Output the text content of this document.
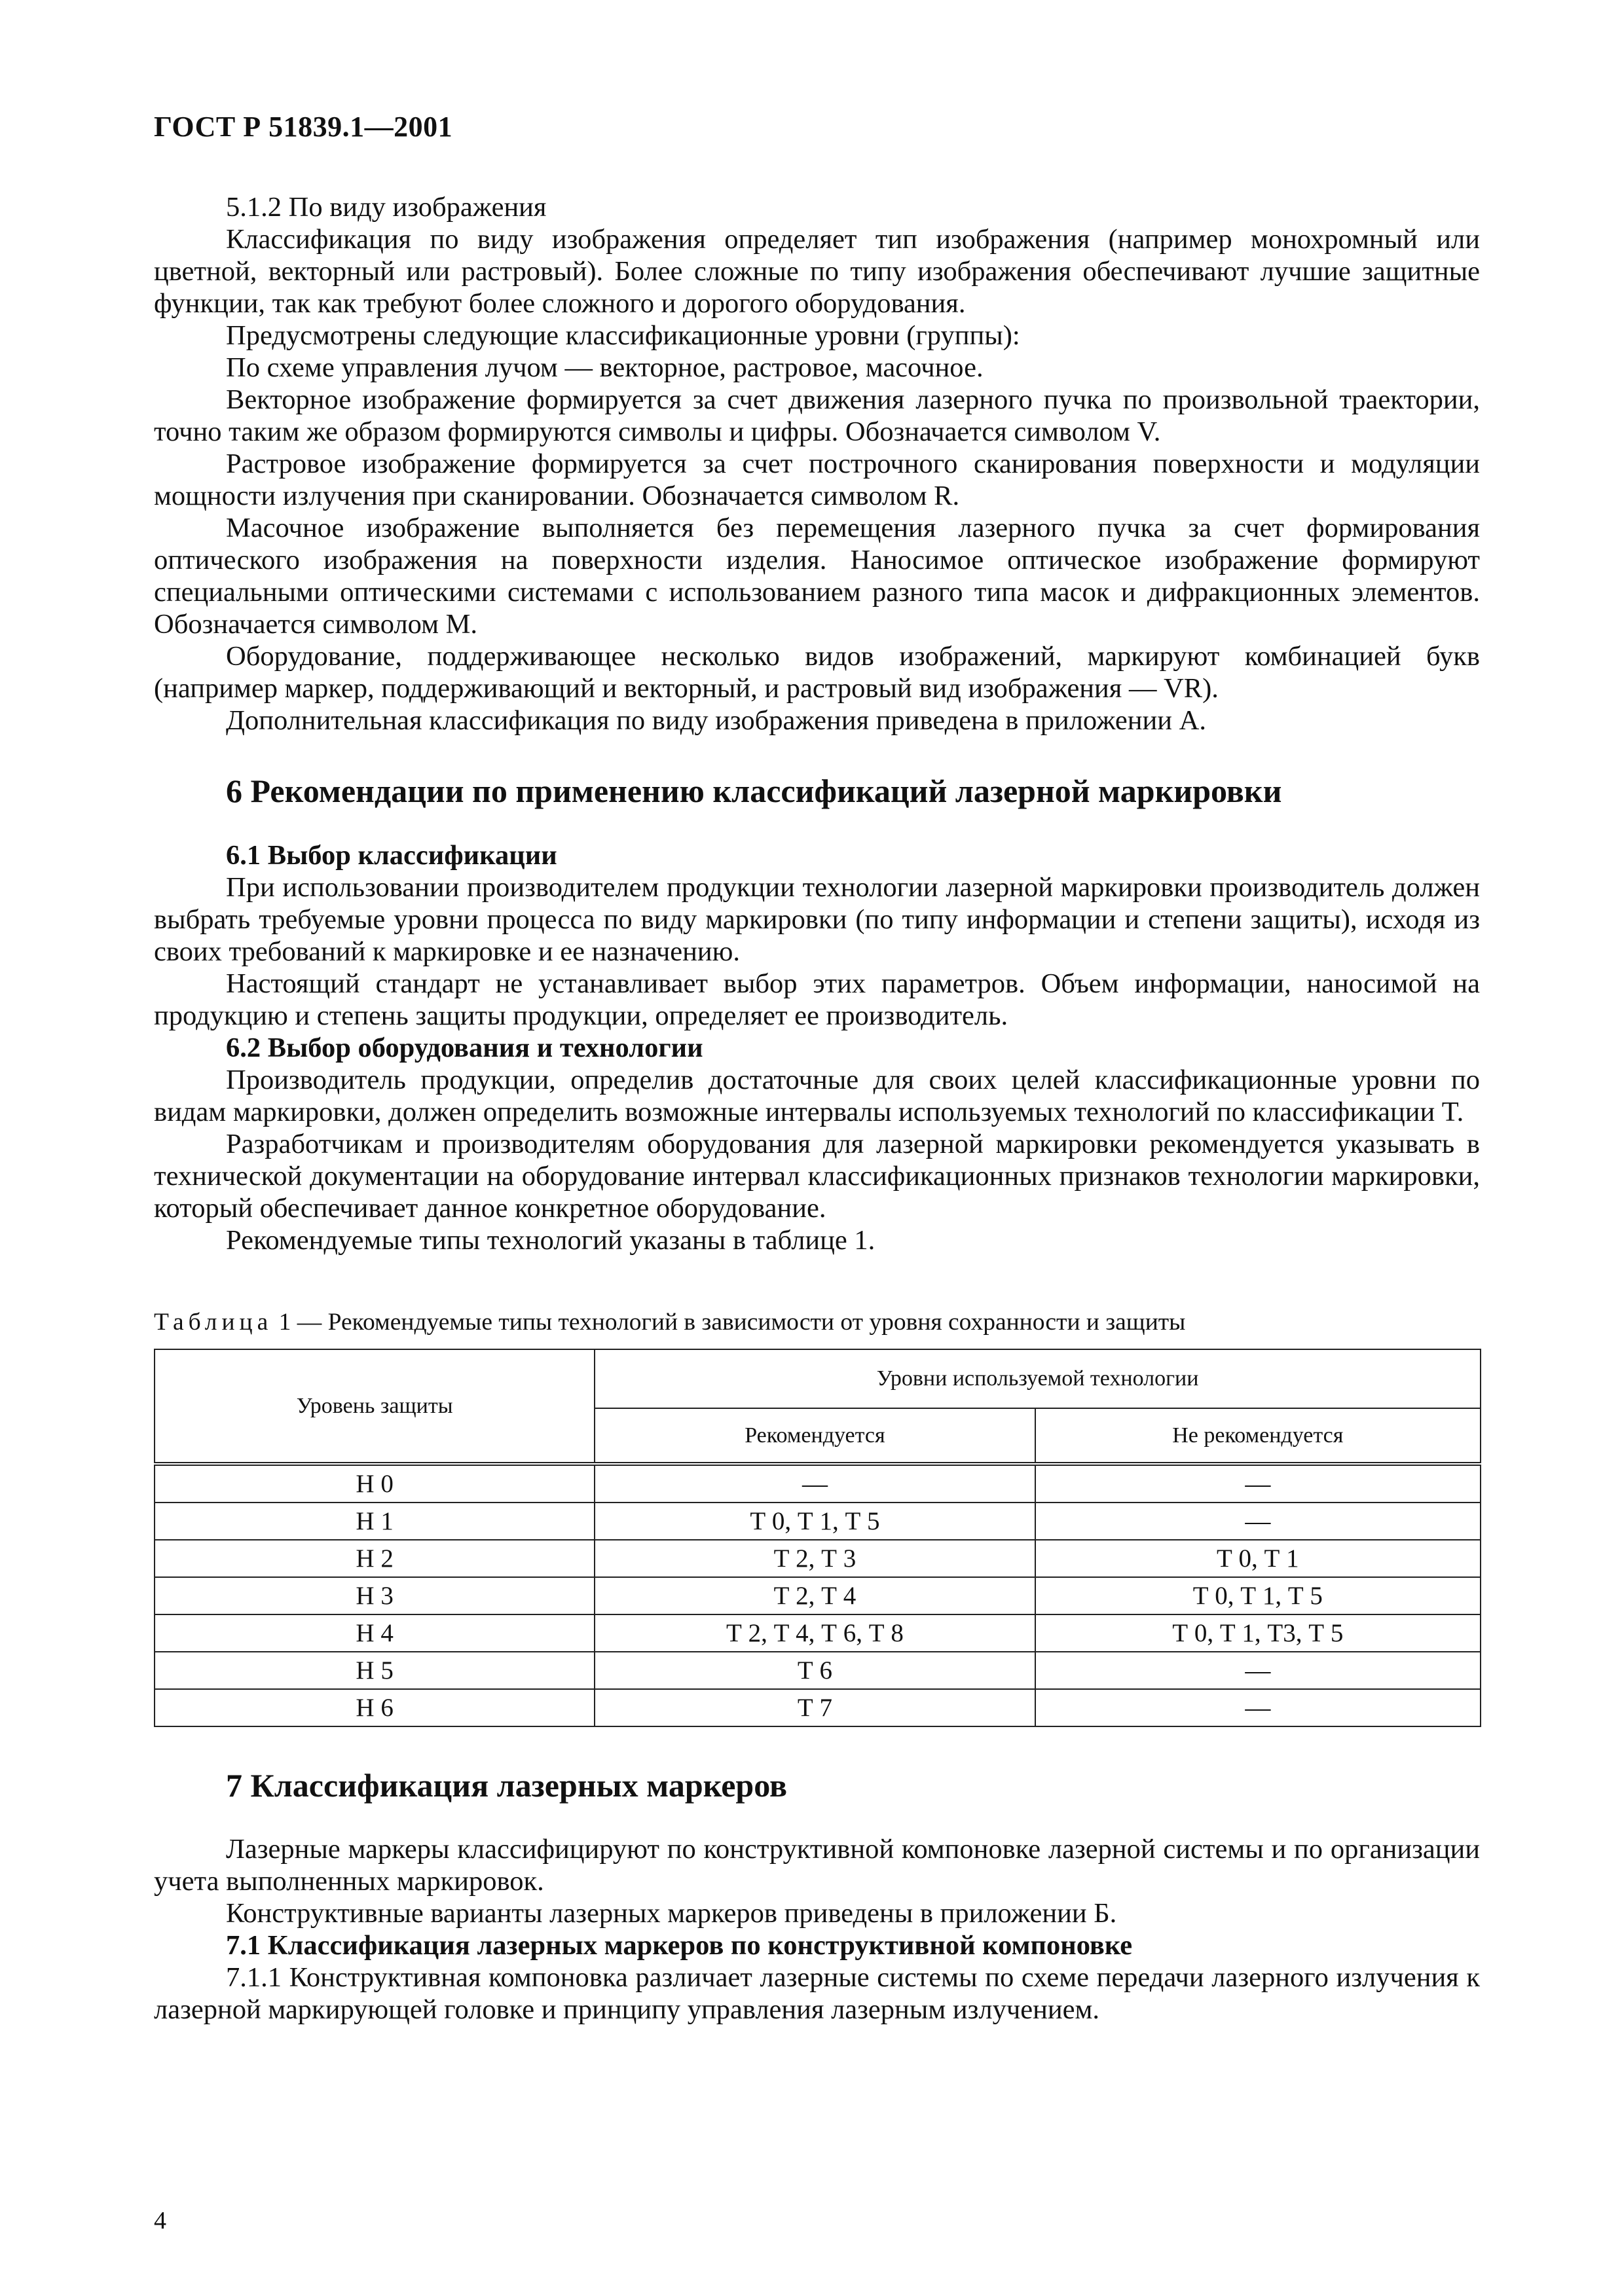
ГОСТ Р 51839.1—2001

5.1.2 По виду изображения

Классификация по виду изображения определяет тип изображения (например монохромный или цветной, векторный или растровый). Более сложные по типу изображения обеспечивают лучшие защитные функции, так как требуют более сложного и дорогого оборудования.

Предусмотрены следующие классификационные уровни (группы):

По схеме управления лучом — векторное, растровое, масочное.

Векторное изображение формируется за счет движения лазерного пучка по произвольной траектории, точно таким же образом формируются символы и цифры. Обозначается символом V.

Растровое изображение формируется за счет построчного сканирования поверхности и модуляции мощности излучения при сканировании. Обозначается символом R.

Масочное изображение выполняется без перемещения лазерного пучка за счет формирования оптического изображения на поверхности изделия. Наносимое оптическое изображение формируют специальными оптическими системами с использованием разного типа масок и дифракционных элементов. Обозначается символом M.

Оборудование, поддерживающее несколько видов изображений, маркируют комбинацией букв (например маркер, поддерживающий и векторный, и растровый вид изображения — VR).

Дополнительная классификация по виду изображения приведена в приложении А.

6 Рекомендации по применению классификаций лазерной маркировки

6.1 Выбор классификации

При использовании производителем продукции технологии лазерной маркировки производитель должен выбрать требуемые уровни процесса по виду маркировки (по типу информации и степени защиты), исходя из своих требований к маркировке и ее назначению.

Настоящий стандарт не устанавливает выбор этих параметров. Объем информации, наносимой на продукцию и степень защиты продукции, определяет ее производитель.

6.2 Выбор оборудования и технологии

Производитель продукции, определив достаточные для своих целей классификационные уровни по видам маркировки, должен определить возможные интервалы используемых технологий по классификации T.

Разработчикам и производителям оборудования для лазерной маркировки рекомендуется указывать в технической документации на оборудование интервал классификационных признаков технологии маркировки, который обеспечивает данное конкретное оборудование.

Рекомендуемые типы технологий указаны в таблице 1.

Таблица 1 — Рекомендуемые типы технологий в зависимости от уровня сохранности и защиты
Уровень защиты	Уровни используемой технологии	
	Рекомендуется	Не рекомендуется
Н 0	—	—
Н 1	Т 0, Т 1, Т 5	—
Н 2	Т 2, Т 3	Т 0, Т 1
Н 3	Т 2, Т 4	Т 0, Т 1, Т 5
Н 4	Т 2, Т 4, Т 6, Т 8	Т 0, Т 1, Т3, Т 5
Н 5	Т 6	—
Н 6	Т 7	—
7 Классификация лазерных маркеров

Лазерные маркеры классифицируют по конструктивной компоновке лазерной системы и по организации учета выполненных маркировок.

Конструктивные варианты лазерных маркеров приведены в приложении Б.

7.1 Классификация лазерных маркеров по конструктивной компоновке

7.1.1 Конструктивная компоновка различает лазерные системы по схеме передачи лазерного излучения к лазерной маркирующей головке и принципу управления лазерным излучением.

4
